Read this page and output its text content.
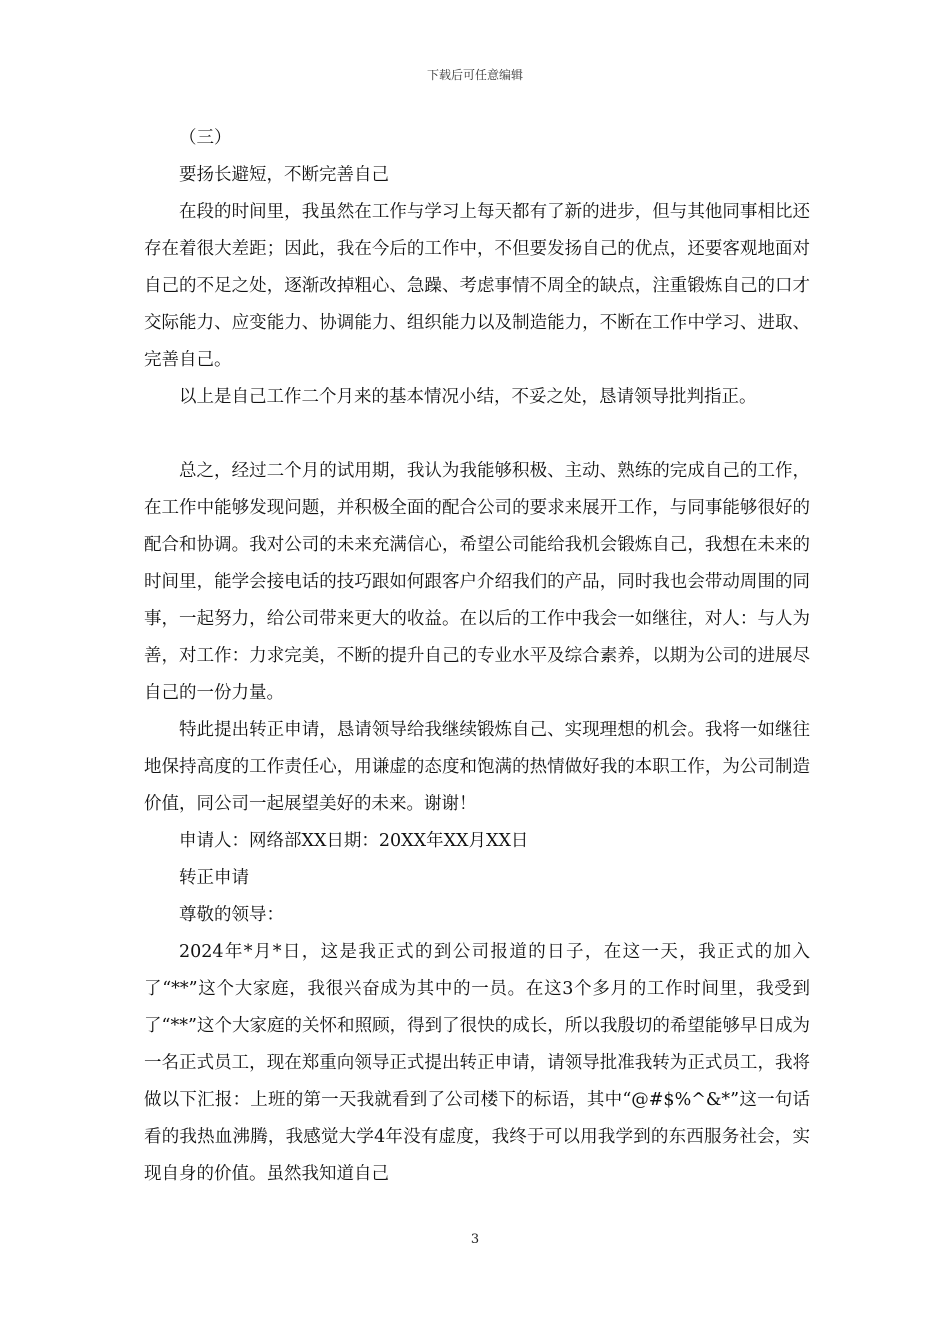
下载后可任意编辑

（三）

要扬长避短，不断完善自己

在段的时间里，我虽然在工作与学习上每天都有了新的进步，但与其他同事相比还存在着很大差距；因此，我在今后的工作中，不但要发扬自己的优点，还要客观地面对自己的不足之处，逐渐改掉粗心、急躁、考虑事情不周全的缺点，注重锻炼自己的口才交际能力、应变能力、协调能力、组织能力以及制造能力，不断在工作中学习、进取、完善自己。

以上是自己工作二个月来的基本情况小结，不妥之处，恳请领导批判指正。

总之，经过二个月的试用期，我认为我能够积极、主动、熟练的完成自己的工作，在工作中能够发现问题，并积极全面的配合公司的要求来展开工作，与同事能够很好的配合和协调。我对公司的未来充满信心，希望公司能给我机会锻炼自己，我想在未来的时间里，能学会接电话的技巧跟如何跟客户介绍我们的产品，同时我也会带动周围的同事，一起努力，给公司带来更大的收益。在以后的工作中我会一如继往，对人：与人为善，对工作：力求完美，不断的提升自己的专业水平及综合素养，以期为公司的进展尽自己的一份力量。

特此提出转正申请，恳请领导给我继续锻炼自己、实现理想的机会。我将一如继往地保持高度的工作责任心，用谦虚的态度和饱满的热情做好我的本职工作，为公司制造价值，同公司一起展望美好的未来。谢谢！

申请人：网络部XX日期：20XX年XX月XX日

转正申请

尊敬的领导：

2024年*月*日，这是我正式的到公司报道的日子，在这一天，我正式的加入了“**”这个大家庭，我很兴奋成为其中的一员。在这3个多月的工作时间里，我受到了“**”这个大家庭的关怀和照顾，得到了很快的成长，所以我殷切的希望能够早日成为一名正式员工，现在郑重向领导正式提出转正申请，请领导批准我转为正式员工，我将做以下汇报：上班的第一天我就看到了公司楼下的标语，其中“@#$%^&*”这一句话看的我热血沸腾，我感觉大学4年没有虚度，我终于可以用我学到的东西服务社会，实现自身的价值。虽然我知道自己

3
